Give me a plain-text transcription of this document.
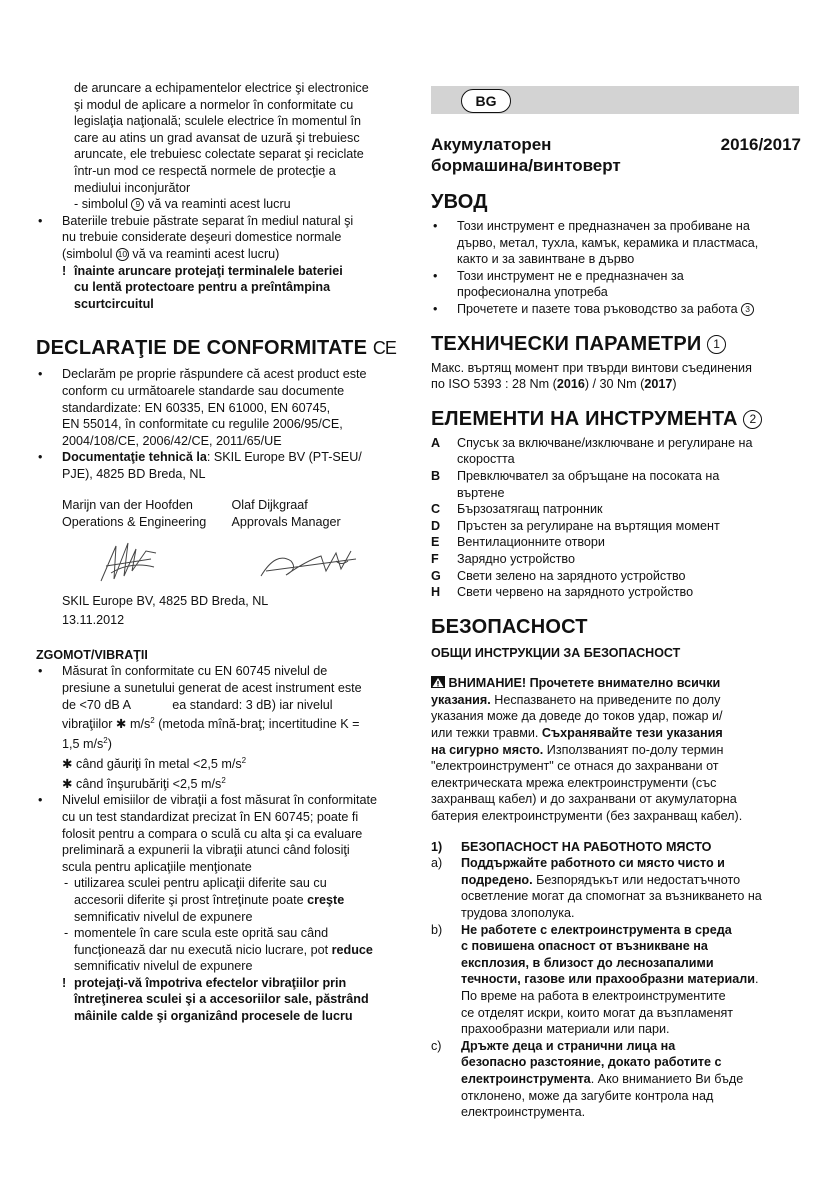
de aruncare a echipamentelor electrice şi electronice
şi modul de aplicare a normelor în conformitate cu
legislaţia naţională; sculele electrice în momentul în
care au atins un grad avansat de uzură şi trebuiesc
aruncate, ele trebuiesc colectate separat şi reciclate
într-un mod ce respectă normele de protecţie a
mediului inconjurător
- simbolul 9 vă va reaminti acest lucru
• Bateriile trebuie păstrate separat în mediul natural şi
nu trebuie considerate deşeuri domestice normale
(simbolul 10 vă va reaminti acest lucru)
! înainte aruncare protejaţi terminalele bateriei
cu lentă protectoare pentru a preîntâmpina
scurtcircuitul
DECLARAŢIE DE CONFORMITATE CE
• Declarăm pe proprie răspundere că acest product este
conform cu următoarele standarde sau documente
standardizate: EN 60335, EN 61000, EN 60745,
EN 55014, în conformitate cu regulile 2006/95/CE,
2004/108/CE, 2006/42/CE, 2011/65/UE
• Documentaţie tehnică la: SKIL Europe BV (PT-SEU/
PJE), 4825 BD Breda, NL
Marijn van der Hoofden
Operations & Engineering
Olaf Dijkgraaf
Approvals Manager
SKIL Europe BV, 4825 BD Breda, NL
13.11.2012
ZGOMOT/VIBRAŢII
• Măsurat în conformitate cu EN 60745 nivelul de
presiune a sunetului generat de acest instrument este
de <70 dB A            ea standard: 3 dB) iar nivelul
vibraţiilor ✱ $m/s^2$ (metoda mînă-braţ; incertitudine K =
1,5 $m/s^2$)
✱ când găuriţi în metal <2,5 $m/s^2$
✱ când înşurubăriţi <2,5 $m/s^2$
• Nivelul emisiilor de vibraţii a fost măsurat în conformitate
cu un test standardizat precizat în EN 60745; poate fi
folosit pentru a compara o sculă cu alta şi ca evaluare
preliminară a expunerii la vibraţii atunci când folosiţi
scula pentru aplicaţiile menţionate
- utilizarea sculei pentru aplicaţii diferite sau cu
accesorii diferite şi prost întreţinute poate creşte
semnificativ nivelul de expunere
- momentele în care scula este oprită sau când
funcţionează dar nu execută nicio lucrare, pot reduce
semnificativ nivelul de expunere
! protejaţi-vă împotriva efectelor vibraţiilor prin
întreţinerea sculei şi a accesoriilor sale, păstrând
mâinile calde şi organizând procesele de lucru
BG
Акумулаторен
бормашина/винтоверт
2016/2017
УВОД
• Този инструмент е предназначен за пробиване на
дърво, метал, тухла, камък, керамика и пластмаса,
както и за завинтване в дърво
• Този инструмент не е предназначен за
професионална употреба
• Прочетете и пазете това ръководство за работа 3
ТЕХНИЧЕСКИ ПАРАМЕТРИ 1
Макс. въртящ момент при твърди винтови съединения
по ISO 5393 : 28 Nm (2016) / 30 Nm (2017)
ЕЛЕМЕНТИ НА ИНСТРУМЕНТА 2
A	Спусък за включване/изключване и регулиране на
скоростта
B	Превключвател за обръщане на посоката на
въртене
C	Бързозатягащ патронник
D	Пръстен за регулиране на въртящия момент
E	Вентилационните отвори
F	Зарядно устройство
G	Свети зелено на зарядното устройство
H	Свети червено на зарядното устройство
БЕЗОПАСНОСТ
ОБЩИ ИНСТРУКЦИИ ЗА БЕЗОПАСНОСТ
ВНИМАНИЕ! Прочетете внимателно всички
указания. Неспазването на приведените по долу
указания може да доведе до токов удар, пожар и/
или тежки травми. Съхранявайте тези указания
на сигурно място. Използваният по-долу термин
"електроинструмент" се отнася до захранвани от
електрическата мрежа електроинструменти (със
захранващ кабел) и до захранвани от акумулаторна
батерия електроинструменти (без захранващ кабел).
1)	БЕЗОПАСНОСТ НА РАБОТНОТО МЯСТО
a)	Поддържайте работното си място чисто и
подредено. Безпорядъкът или недостатъчното
осветление могат да спомогнат за възникването на
трудова злополука.
b)	Не работете с електроинструмента в среда
с повишена опасност от възникване на
експлозия, в близост до леснозапалими
течности, газове или прахообразни материали.
По време на работа в електроинструментите
се отделят искри, които могат да възпламенят
прахообразни материали или пари.
c)	Дръжте деца и странични лица на
безопасно разстояние, докато работите с
електроинструмента. Ако вниманието Ви бъде
отклонено, може да загубите контрола над
електроинструмента.
